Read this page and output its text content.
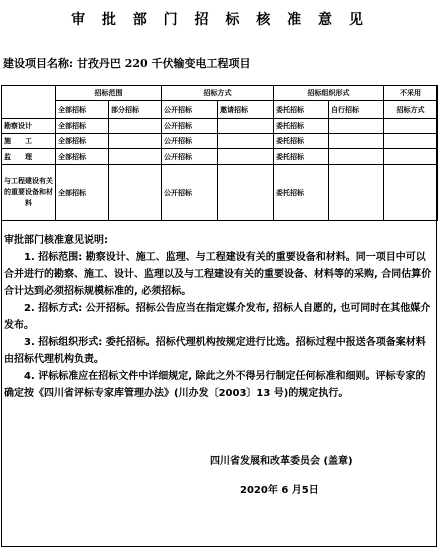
审 批 部 门 招 标 核 准 意 见
建设项目名称: 甘孜丹巴 220 千伏输变电工程项目
	招标范围		招标方式		招标组织形式		不采用
	全部招标	部分招标	公开招标	邀请招标	委托招标	自行招标	招标方式
勘察设计	全部招标		公开招标		委托招标		
施　　工	全部招标		公开招标		委托招标		
监　　理	全部招标		公开招标		委托招标		
与工程建设有关的重要设备和材料	全部招标		公开招标		委托招标		

审批部门核准意见说明:

1. 招标范围: 勘察设计、施工、监理、与工程建设有关的重要设备和材料。同一项目中可以合并进行的勘察、施工、设计、监理以及与工程建设有关的重要设备、材料等的采购, 合同估算价合计达到必须招标规模标准的, 必须招标。

2. 招标方式: 公开招标。招标公告应当在指定媒介发布, 招标人自愿的, 也可同时在其他媒介发布。

3. 招标组织形式: 委托招标。招标代理机构按规定进行比选。招标过程中报送各项备案材料由招标代理机构负责。

4. 评标标准应在招标文件中详细规定, 除此之外不得另行制定任何标准和细则。评标专家的确定按《四川省评标专家库管理办法》(川办发〔2003〕13 号)的规定执行。

四川省发展和改革委员会 (盖章)
2020年 6 月5日
